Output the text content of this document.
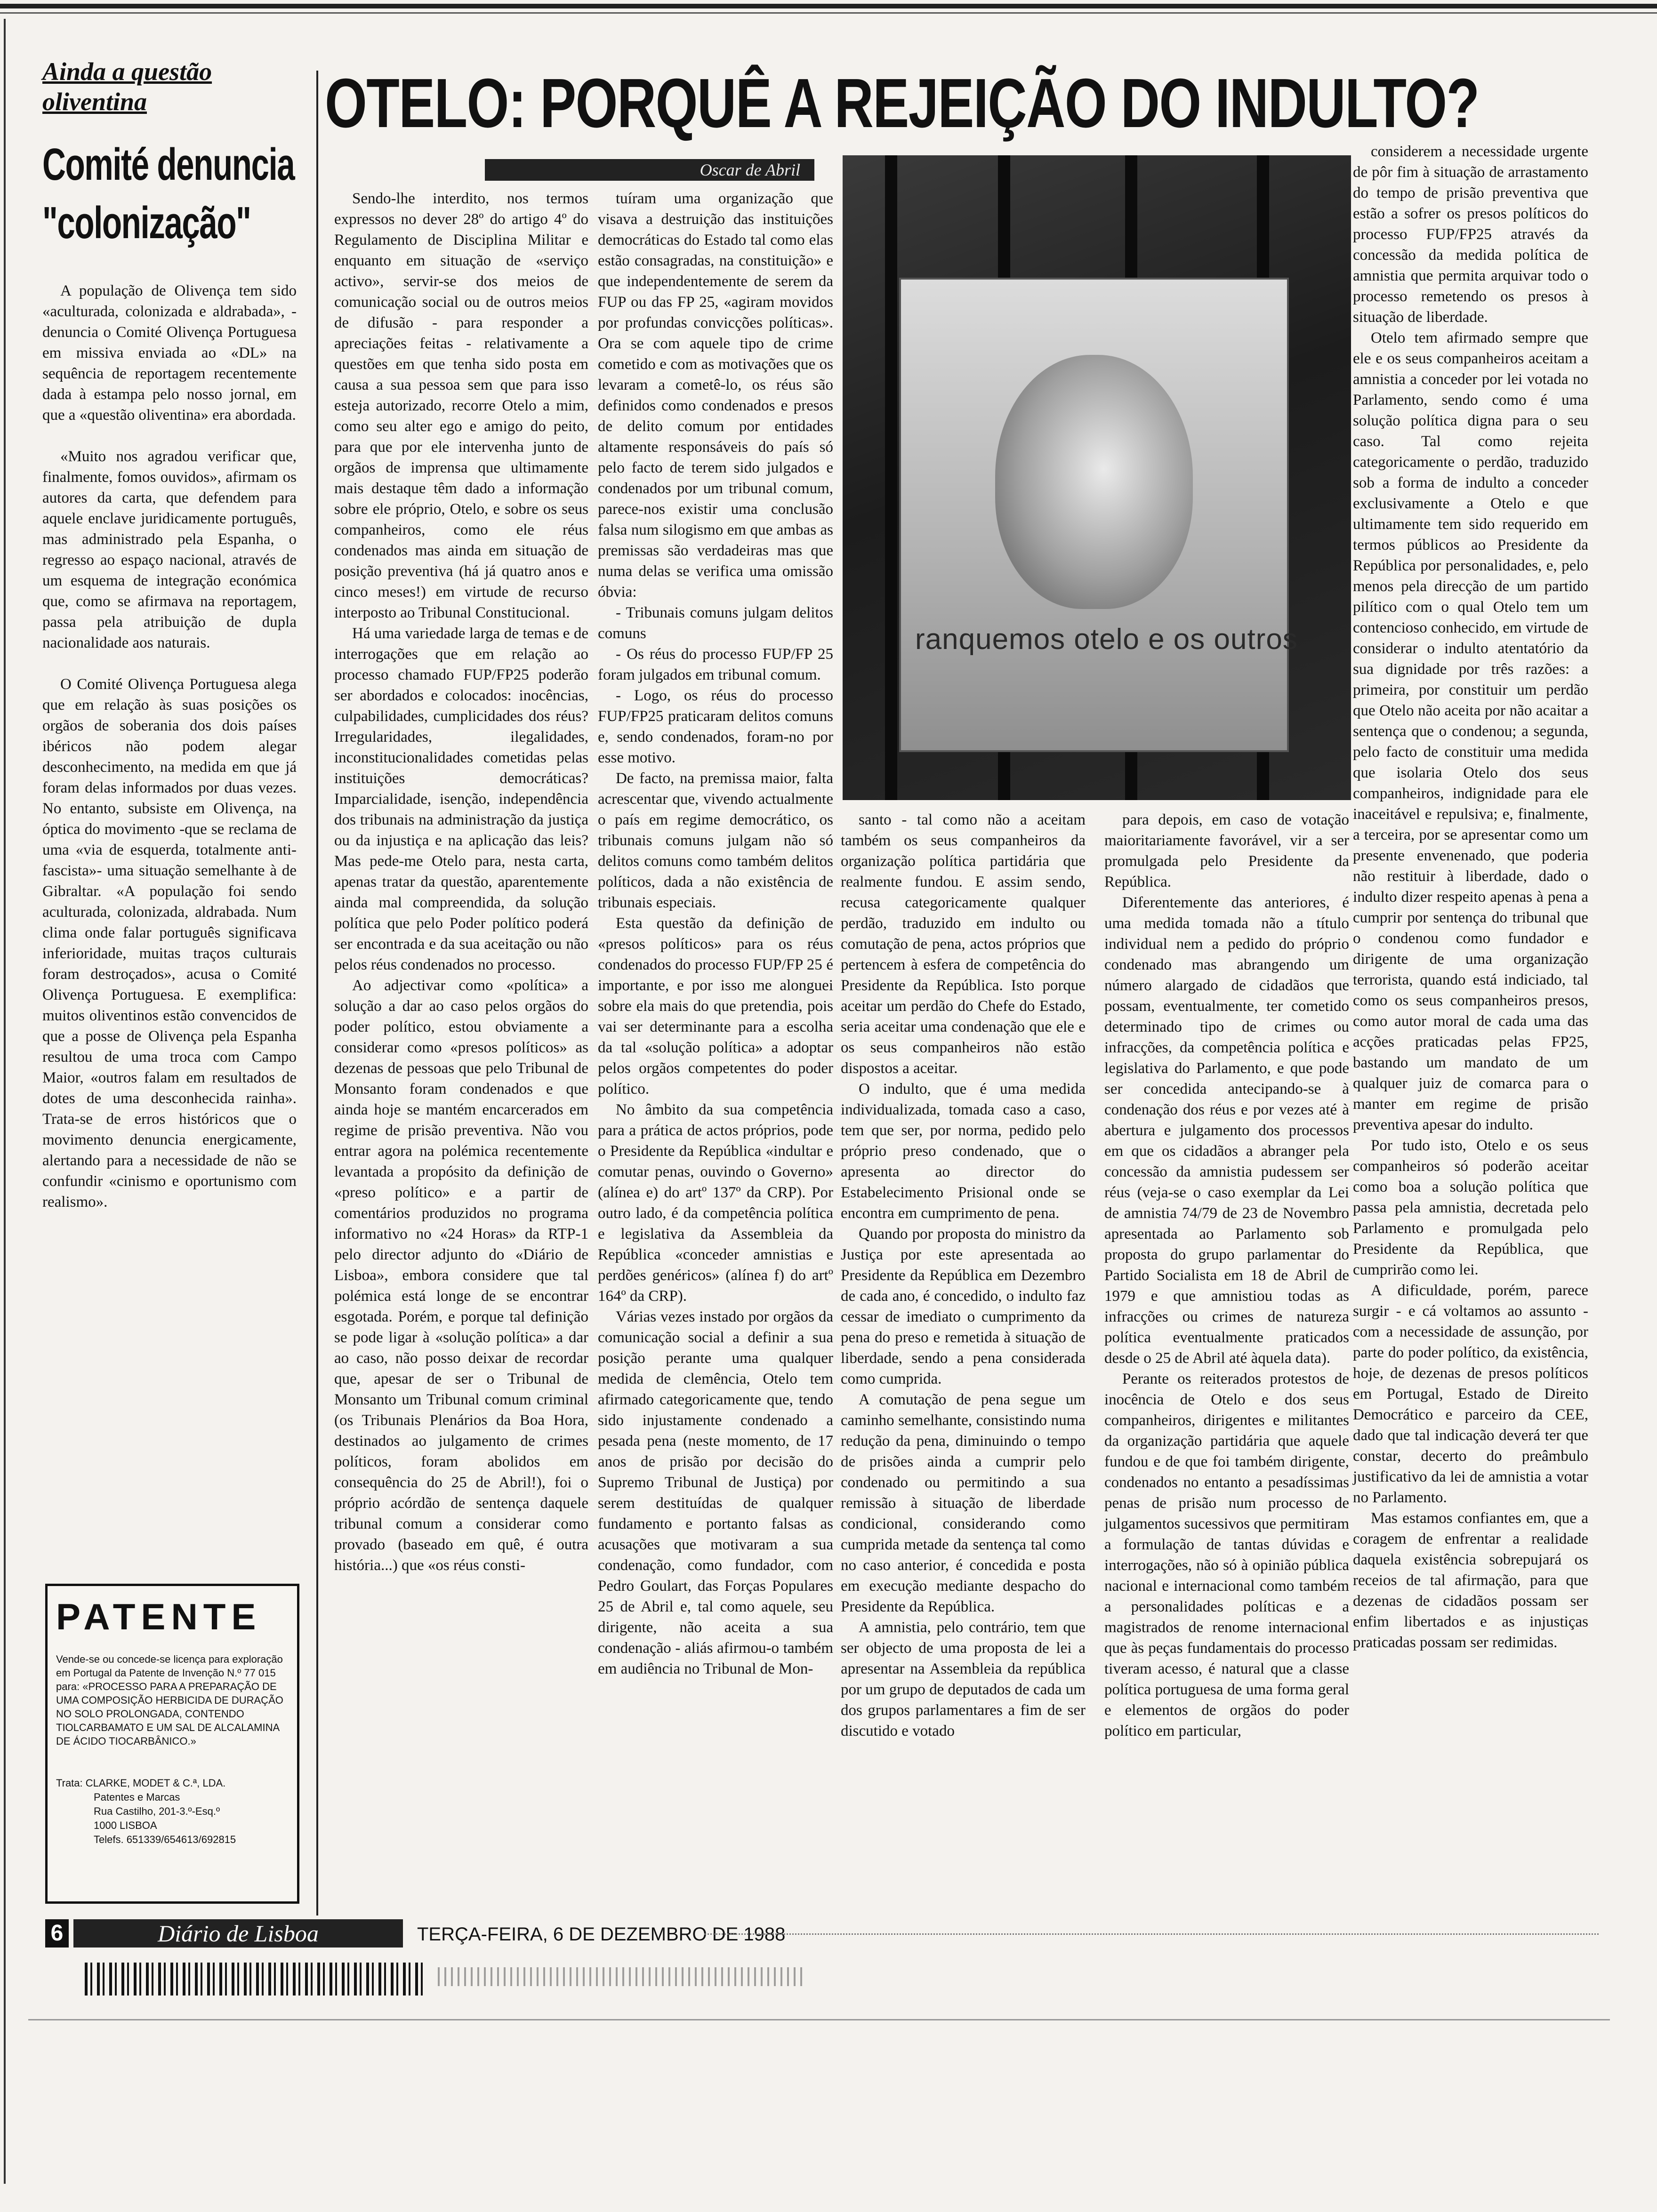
Ainda a questão oliventina

Comité denuncia "colonização"

A população de Olivença tem sido «aculturada, colonizada e aldrabada», -denuncia o Comité Olivença Portuguesa em missiva enviada ao «DL» na sequência de reportagem recentemente dada à estampa pelo nosso jornal, em que a «questão oliventina» era abordada.

«Muito nos agradou verificar que, finalmente, fomos ouvidos», afirmam os autores da carta, que defendem para aquele enclave juridicamente português, mas administrado pela Espanha, o regresso ao espaço nacional, através de um esquema de integração económica que, como se afirmava na reportagem, passa pela atribuição de dupla nacionalidade aos naturais.

O Comité Olivença Portuguesa alega que em relação às suas posições os orgãos de soberania dos dois países ibéricos não podem alegar desconhecimento, na medida em que já foram delas informados por duas vezes. No entanto, subsiste em Olivença, na óptica do movimento -que se reclama de uma «via de esquerda, totalmente anti-fascista»- uma situação semelhante à de Gibraltar. «A população foi sendo aculturada, colonizada, aldrabada. Num clima onde falar português significava inferioridade, muitas traços culturais foram destroçados», acusa o Comité Olivença Portuguesa. E exemplifica: muitos oliventinos estão convencidos de que a posse de Olivença pela Espanha resultou de uma troca com Campo Maior, «outros falam em resultados de dotes de uma desconhecida rainha». Trata-se de erros históricos que o movimento denuncia energicamente, alertando para a necessidade de não se confundir «cinismo e oportunismo com realismo».

PATENTE

Vende-se ou concede-se licença para exploração em Portugal da Patente de Invenção N.º 77 015 para: «PROCESSO PARA A PREPARAÇÃO DE UMA COMPOSIÇÃO HERBICIDA DE DURAÇÃO NO SOLO PROLONGADA, CONTENDO TIOLCARBAMATO E UM SAL DE ALCALAMINA DE ÁCIDO TIOCARBÂNICO.»

Trata: CLARKE, MODET & C.ª, LDA.
Patentes e Marcas
Rua Castilho, 201-3.º-Esq.º
1000 LISBOA
Telefs. 651339/654613/692815

OTELO: PORQUÊ A REJEIÇÃO DO INDULTO?
Oscar de Abril

Sendo-lhe interdito, nos termos expressos no dever 28º do artigo 4º do Regulamento de Disciplina Militar e enquanto em situação de «serviço activo», servir-se dos meios de comunicação social ou de outros meios de difusão - para responder a apreciações feitas - relativamente a questões em que tenha sido posta em causa a sua pessoa sem que para isso esteja autorizado, recorre Otelo a mim, como seu alter ego e amigo do peito, para que por ele intervenha junto de orgãos de imprensa que ultimamente mais destaque têm dado a informação sobre ele próprio, Otelo, e sobre os seus companheiros, como ele réus condenados mas ainda em situação de posição preventiva (há já quatro anos e cinco meses!) em virtude de recurso interposto ao Tribunal Constitucional.

Há uma variedade larga de temas e de interrogações que em relação ao processo chamado FUP/FP25 poderão ser abordados e colocados: inocências, culpabilidades, cumplicidades dos réus? Irregularidades, ilegalidades, inconstitucionalidades cometidas pelas instituições democráticas? Imparcialidade, isenção, independência dos tribunais na administração da justiça ou da injustiça e na aplicação das leis? Mas pede-me Otelo para, nesta carta, apenas tratar da questão, aparentemente ainda mal compreendida, da solução política que pelo Poder político poderá ser encontrada e da sua aceitação ou não pelos réus condenados no processo.

Ao adjectivar como «política» a solução a dar ao caso pelos orgãos do poder político, estou obviamente a considerar como «presos políticos» as dezenas de pessoas que pelo Tribunal de Monsanto foram condenados e que ainda hoje se mantém encarcerados em regime de prisão preventiva. Não vou entrar agora na polémica recentemente levantada a propósito da definição de «preso político» e a partir de comentários produzidos no programa informativo no «24 Horas» da RTP-1 pelo director adjunto do «Diário de Lisboa», embora considere que tal polémica está longe de se encontrar esgotada. Porém, e porque tal definição se pode ligar à «solução política» a dar ao caso, não posso deixar de recordar que, apesar de ser o Tribunal de Monsanto um Tribunal comum criminal (os Tribunais Plenários da Boa Hora, destinados ao julgamento de crimes políticos, foram abolidos em consequência do 25 de Abril!), foi o próprio acórdão de sentença daquele tribunal comum a considerar como provado (baseado em quê, é outra história...) que «os réus consti-

tuíram uma organização que visava a destruição das instituições democráticas do Estado tal como elas estão consagradas, na constituição» e que independentemente de serem da FUP ou das FP 25, «agiram movidos por profundas convicções políticas». Ora se com aquele tipo de crime cometido e com as motivações que os levaram a cometê-lo, os réus são definidos como condenados e presos de delito comum por entidades altamente responsáveis do país só pelo facto de terem sido julgados e condenados por um tribunal comum, parece-nos existir uma conclusão falsa num silogismo em que ambas as premissas são verdadeiras mas que numa delas se verifica uma omissão óbvia:

- Tribunais comuns julgam delitos comuns

- Os réus do processo FUP/FP 25 foram julgados em tribunal comum.

- Logo, os réus do processo FUP/FP25 praticaram delitos comuns e, sendo condenados, foram-no por esse motivo.

De facto, na premissa maior, falta acrescentar que, vivendo actualmente o país em regime democrático, os tribunais comuns julgam não só delitos comuns como também delitos políticos, dada a não existência de tribunais especiais.

Esta questão da definição de «presos políticos» para os réus condenados do processo FUP/FP 25 é importante, e por isso me alonguei sobre ela mais do que pretendia, pois vai ser determinante para a escolha da tal «solução política» a adoptar pelos orgãos competentes do poder político.

No âmbito da sua competência para a prática de actos próprios, pode o Presidente da República «indultar e comutar penas, ouvindo o Governo» (alínea e) do artº 137º da CRP). Por outro lado, é da competência política e legislativa da Assembleia da República «conceder amnistias e perdões genéricos» (alínea f) do artº 164º da CRP).

Várias vezes instado por orgãos da comunicação social a definir a sua posição perante uma qualquer medida de clemência, Otelo tem afirmado categoricamente que, tendo sido injustamente condenado a pesada pena (neste momento, de 17 anos de prisão por decisão do Supremo Tribunal de Justiça) por serem destituídas de qualquer fundamento e portanto falsas as acusações que motivaram a sua condenação, como fundador, com Pedro Goulart, das Forças Populares 25 de Abril e, tal como aquele, seu dirigente, não aceita a sua condenação - aliás afirmou-o também em audiência no Tribunal de Mon-

ranquemos otelo e os outros

santo - tal como não a aceitam também os seus companheiros da organização política partidária que realmente fundou. E assim sendo, recusa categoricamente qualquer perdão, traduzido em indulto ou comutação de pena, actos próprios que pertencem à esfera de competência do Presidente da República. Isto porque aceitar um perdão do Chefe do Estado, seria aceitar uma condenação que ele e os seus companheiros não estão dispostos a aceitar.

O indulto, que é uma medida individualizada, tomada caso a caso, tem que ser, por norma, pedido pelo próprio preso condenado, que o apresenta ao director do Estabelecimento Prisional onde se encontra em cumprimento de pena.

Quando por proposta do ministro da Justiça por este apresentada ao Presidente da República em Dezembro de cada ano, é concedido, o indulto faz cessar de imediato o cumprimento da pena do preso e remetida à situação de liberdade, sendo a pena considerada como cumprida.

A comutação de pena segue um caminho semelhante, consistindo numa redução da pena, diminuindo o tempo de prisões ainda a cumprir pelo condenado ou permitindo a sua remissão à situação de liberdade condicional, considerando como cumprida metade da sentença tal como no caso anterior, é concedida e posta em execução mediante despacho do Presidente da República.

A amnistia, pelo contrário, tem que ser objecto de uma proposta de lei a apresentar na Assembleia da república por um grupo de deputados de cada um dos grupos parlamentares a fim de ser discutido e votado

para depois, em caso de votação maioritariamente favorável, vir a ser promulgada pelo Presidente da República.

Diferentemente das anteriores, é uma medida tomada não a título individual nem a pedido do próprio condenado mas abrangendo um número alargado de cidadãos que possam, eventualmente, ter cometido determinado tipo de crimes ou infracções, da competência política e legislativa do Parlamento, e que pode ser concedida antecipando-se à condenação dos réus e por vezes até à abertura e julgamento dos processos em que os cidadãos a abranger pela concessão da amnistia pudessem ser réus (veja-se o caso exemplar da Lei de amnistia 74/79 de 23 de Novembro apresentada ao Parlamento sob proposta do grupo parlamentar do Partido Socialista em 18 de Abril de 1979 e que amnistiou todas as infracções ou crimes de natureza política eventualmente praticados desde o 25 de Abril até àquela data).

Perante os reiterados protestos de inocência de Otelo e dos seus companheiros, dirigentes e militantes da organização partidária que aquele fundou e de que foi também dirigente, condenados no entanto a pesadíssimas penas de prisão num processo de julgamentos sucessivos que permitiram a formulação de tantas dúvidas e interrogações, não só à opinião pública nacional e internacional como também a personalidades políticas e a magistrados de renome internacional que às peças fundamentais do processo tiveram acesso, é natural que a classe política portuguesa de uma forma geral e elementos de orgãos do poder político em particular,

considerem a necessidade urgente de pôr fim à situação de arrastamento do tempo de prisão preventiva que estão a sofrer os presos políticos do processo FUP/FP25 através da concessão da medida política de amnistia que permita arquivar todo o processo remetendo os presos à situação de liberdade.

Otelo tem afirmado sempre que ele e os seus companheiros aceitam a amnistia a conceder por lei votada no Parlamento, sendo como é uma solução política digna para o seu caso. Tal como rejeita categoricamente o perdão, traduzido sob a forma de indulto a conceder exclusivamente a Otelo e que ultimamente tem sido requerido em termos públicos ao Presidente da República por personalidades, e, pelo menos pela direcção de um partido pilítico com o qual Otelo tem um contencioso conhecido, em virtude de considerar o indulto atentatório da sua dignidade por três razões: a primeira, por constituir um perdão que Otelo não aceita por não acaitar a sentença que o condenou; a segunda, pelo facto de constituir uma medida que isolaria Otelo dos seus companheiros, indignidade para ele inaceitável e repulsiva; e, finalmente, a terceira, por se apresentar como um presente envenenado, que poderia não restituir à liberdade, dado o indulto dizer respeito apenas à pena a cumprir por sentença do tribunal que o condenou como fundador e dirigente de uma organização terrorista, quando está indiciado, tal como os seus companheiros presos, como autor moral de cada uma das acções praticadas pelas FP25, bastando um mandato de um qualquer juiz de comarca para o manter em regime de prisão preventiva apesar do indulto.

Por tudo isto, Otelo e os seus companheiros só poderão aceitar como boa a solução política que passa pela amnistia, decretada pelo Parlamento e promulgada pelo Presidente da República, que cumprirão como lei.

A dificuldade, porém, parece surgir - e cá voltamos ao assunto - com a necessidade de assunção, por parte do poder político, da existência, hoje, de dezenas de presos políticos em Portugal, Estado de Direito Democrático e parceiro da CEE, dado que tal indicação deverá ter que constar, decerto do preâmbulo justificativo da lei de amnistia a votar no Parlamento.

Mas estamos confiantes em, que a coragem de enfrentar a realidade daquela existência sobrepujará os receios de tal afirmação, para que dezenas de cidadãos possam ser enfim libertados e as injustiças praticadas possam ser redimidas.

6	Diário de Lisboa	TERÇA-FEIRA, 6 DE DEZEMBRO DE 1988
